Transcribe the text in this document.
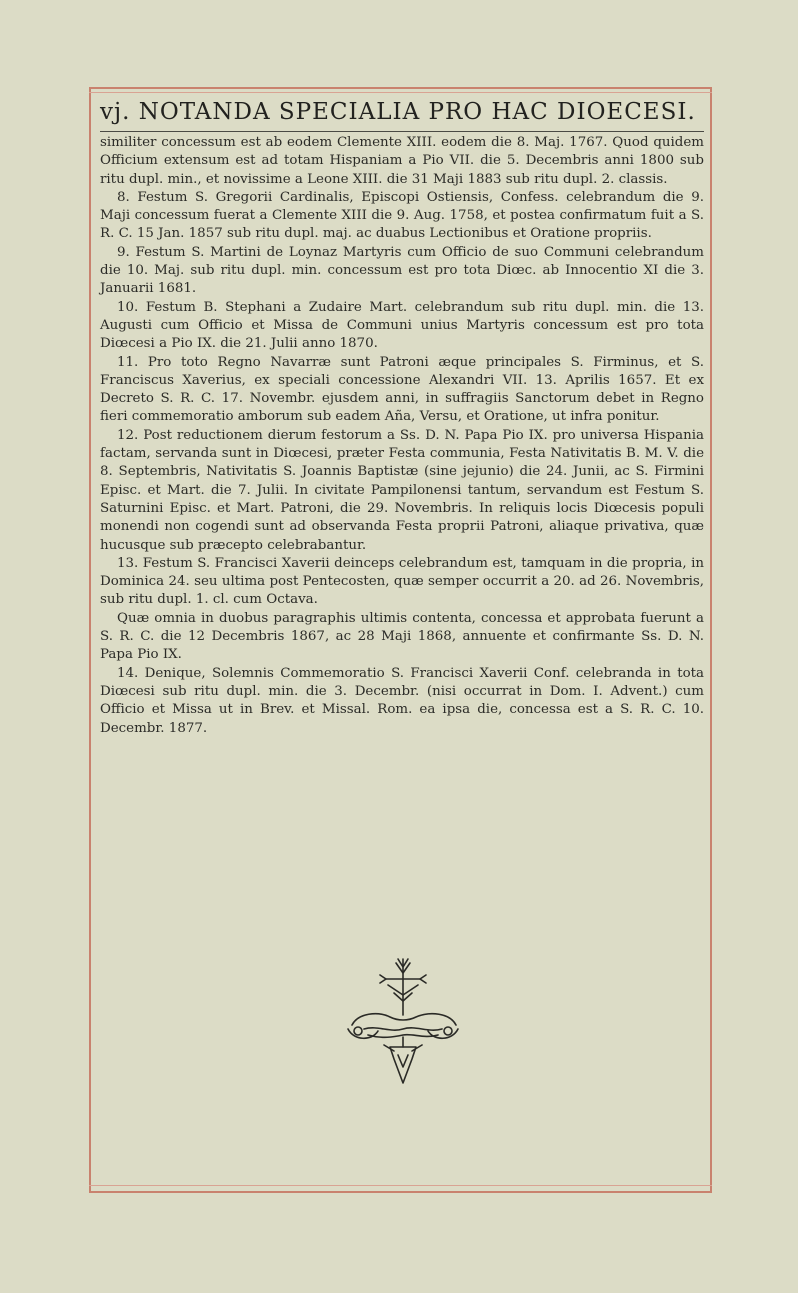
vj. NOTANDA SPECIALIA PRO HAC DIOECESI.

similiter concessum est ab eodem Clemente XIII. eodem die 8. Maj. 1767. Quod quidem Officium extensum est ad totam Hispaniam a Pio VII. die 5. Decembris anni 1800 sub ritu dupl. min., et novissime a Leone XIII. die 31 Maji 1883 sub ritu dupl. 2. classis.

8. Festum S. Gregorii Cardinalis, Episcopi Ostiensis, Confess. celebrandum die 9. Maji concessum fuerat a Clemente XIII die 9. Aug. 1758, et postea confirmatum fuit a S. R. C. 15 Jan. 1857 sub ritu dupl. maj. ac duabus Lectionibus et Oratione propriis.

9. Festum S. Martini de Loynaz Martyris cum Officio de suo Communi celebrandum die 10. Maj. sub ritu dupl. min. concessum est pro tota Diœc. ab Innocentio XI die 3. Januarii 1681.

10. Festum B. Stephani a Zudaire Mart. celebrandum sub ritu dupl. min. die 13. Augusti cum Officio et Missa de Communi unius Martyris concessum est pro tota Diœcesi a Pio IX. die 21. Julii anno 1870.

11. Pro toto Regno Navarræ sunt Patroni æque principales S. Firminus, et S. Franciscus Xaverius, ex speciali concessione Alexandri VII. 13. Aprilis 1657. Et ex Decreto S. R. C. 17. Novembr. ejusdem anni, in suffragiis Sanctorum debet in Regno fieri commemoratio amborum sub eadem Añа, Versu, et Oratione, ut infra ponitur.

12. Post reductionem dierum festorum a Ss. D. N. Papa Pio IX. pro universa Hispania factam, servanda sunt in Diœcesi, præter Festa communia, Festa Nativitatis B. M. V. die 8. Septembris, Nativitatis S. Joannis Baptistæ (sine jejunio) die 24. Junii, ac S. Firmini Episc. et Mart. die 7. Julii. In civitate Pampilonensi tantum, servandum est Festum S. Saturnini Episc. et Mart. Patroni, die 29. Novembris. In reliquis locis Diœcesis populi monendi non cogendi sunt ad observanda Festa proprii Patroni, aliaque privativa, quæ hucusque sub præcepto celebrabantur.

13. Festum S. Francisci Xaverii deinceps celebrandum est, tamquam in die propria, in Dominica 24. seu ultima post Pentecosten, quæ semper occurrit a 20. ad 26. Novembris, sub ritu dupl. 1. cl. cum Octava.

Quæ omnia in duobus paragraphis ultimis contenta, concessa et approbata fuerunt a S. R. C. die 12 Decembris 1867, ac 28 Maji 1868, annuente et confirmante Ss. D. N. Papa Pio IX.

14. Denique, Solemnis Commemoratio S. Francisci Xaverii Conf. celebranda in tota Diœcesi sub ritu dupl. min. die 3. Decembr. (nisi occurrat in Dom. I. Advent.) cum Officio et Missa ut in Brev. et Missal. Rom. ea ipsa die, concessa est a S. R. C. 10. Decembr. 1877.
